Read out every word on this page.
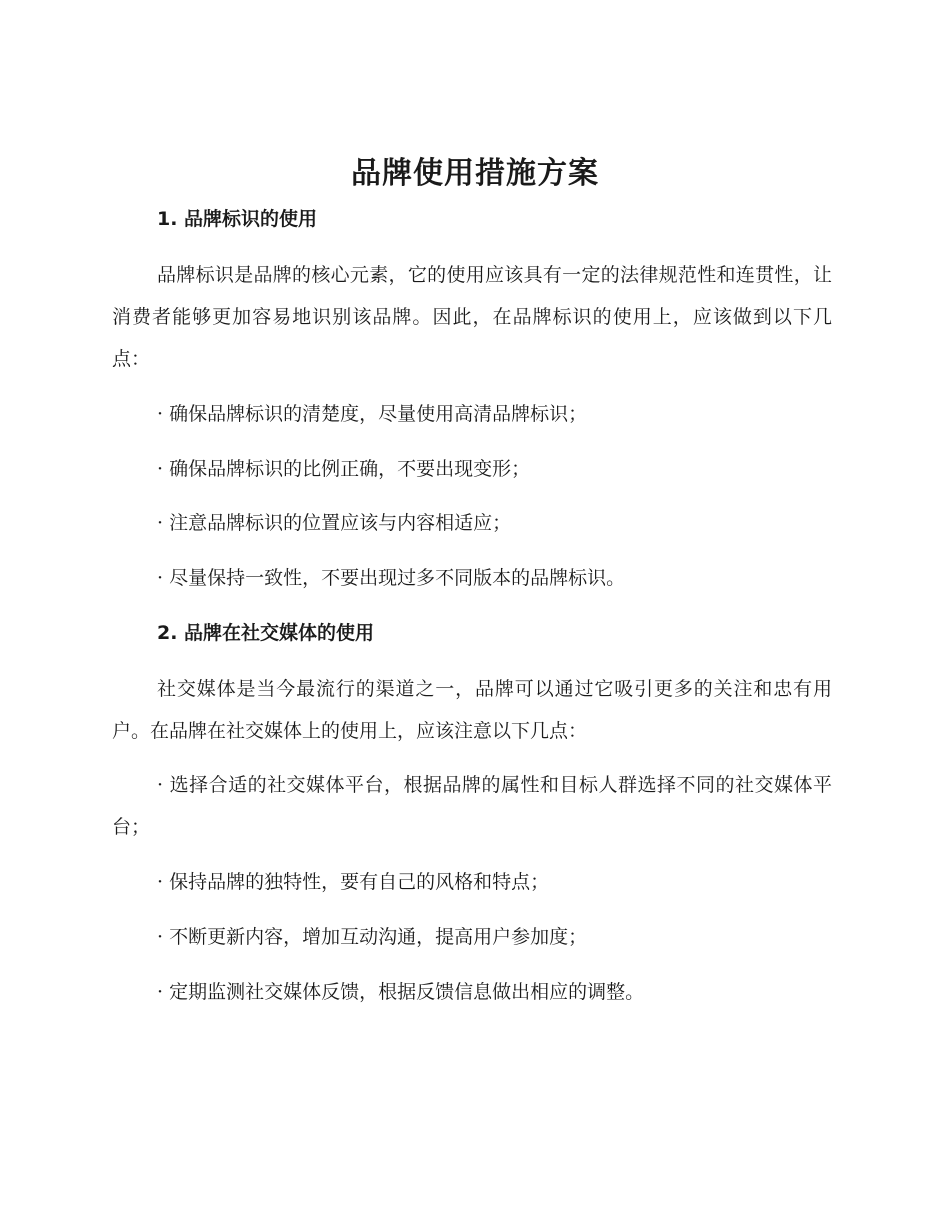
品牌使用措施方案
1. 品牌标识的使用

品牌标识是品牌的核心元素，它的使用应该具有一定的法律规范性和连贯性，让消费者能够更加容易地识别该品牌。因此，在品牌标识的使用上，应该做到以下几点：

· 确保品牌标识的清楚度，尽量使用高清品牌标识；

· 确保品牌标识的比例正确，不要出现变形；

· 注意品牌标识的位置应该与内容相适应；

· 尽量保持一致性，不要出现过多不同版本的品牌标识。

2. 品牌在社交媒体的使用

社交媒体是当今最流行的渠道之一，品牌可以通过它吸引更多的关注和忠有用户。在品牌在社交媒体上的使用上，应该注意以下几点：

· 选择合适的社交媒体平台，根据品牌的属性和目标人群选择不同的社交媒体平台；

· 保持品牌的独特性，要有自己的风格和特点；

· 不断更新内容，增加互动沟通，提高用户参加度；

· 定期监测社交媒体反馈，根据反馈信息做出相应的调整。
